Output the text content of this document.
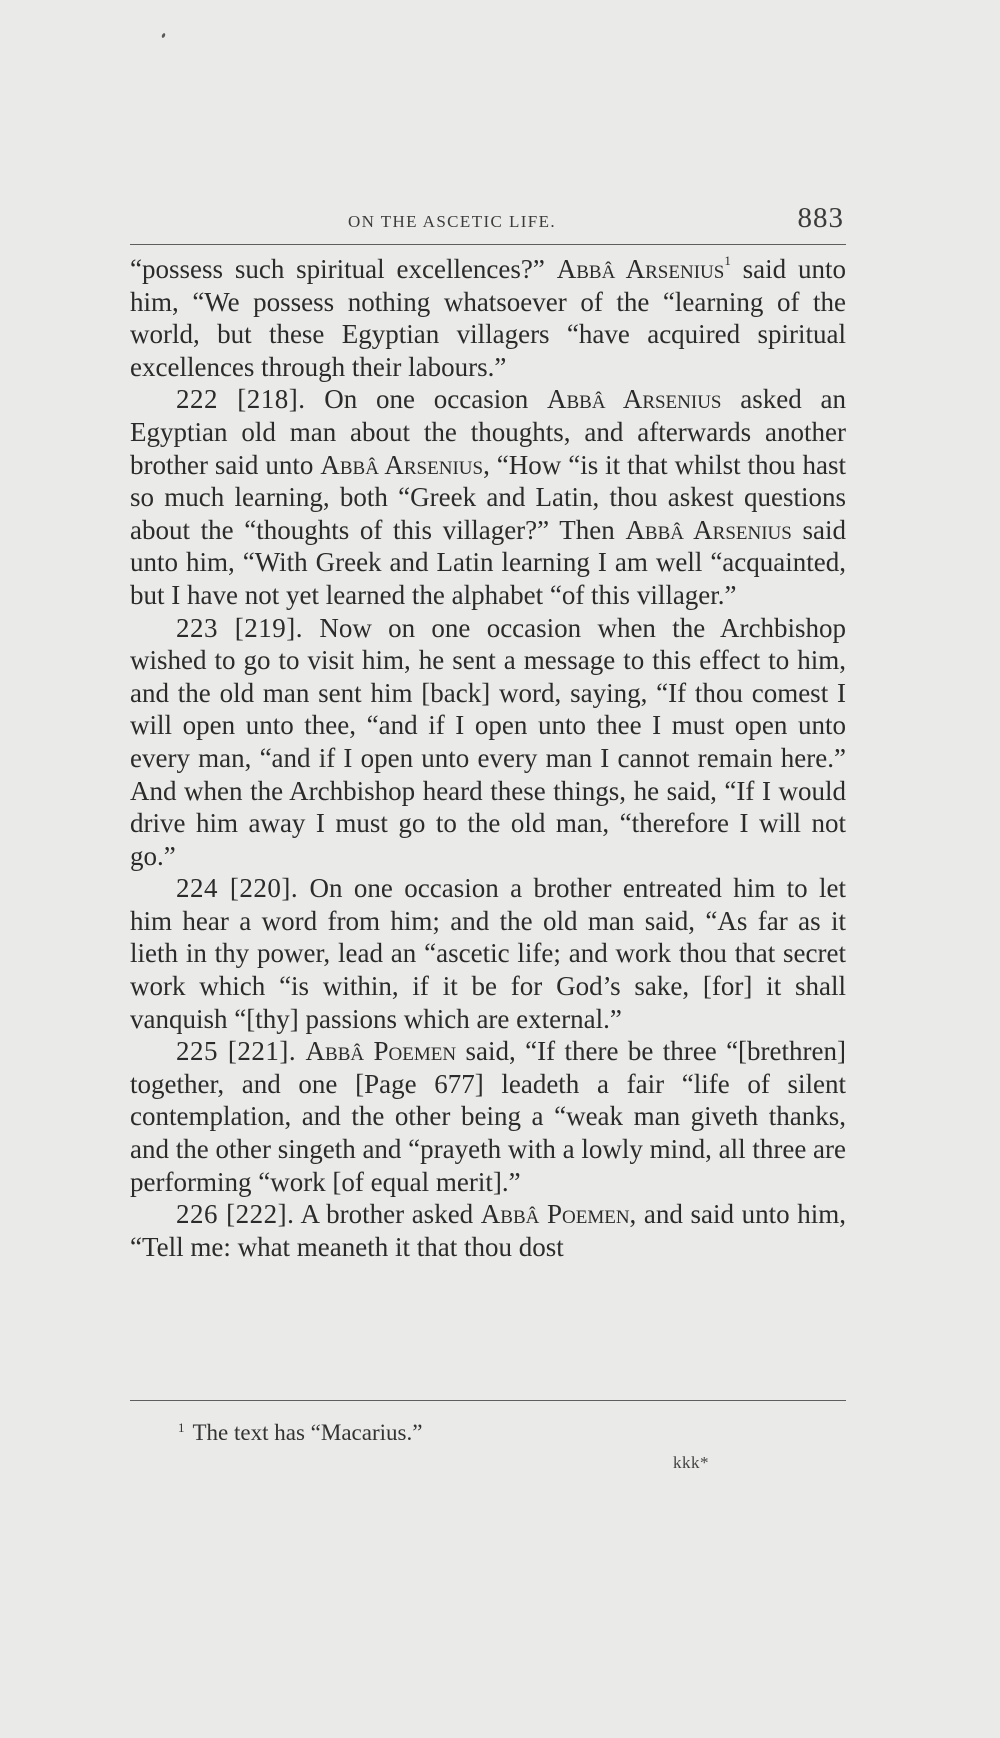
ON THE ASCETIC LIFE.	883

“possess such spiritual excellences?” Abbâ Arsenius$^1$ said unto him, “We possess nothing whatsoever of the “learning of the world, but these Egyptian villagers “have acquired spiritual excellences through their labours.”

222 [218]. On one occasion Abbâ Arsenius asked an Egyptian old man about the thoughts, and afterwards another brother said unto Abbâ Arsenius, “How “is it that whilst thou hast so much learning, both “Greek and Latin, thou askest questions about the “thoughts of this villager?” Then Abbâ Arsenius said unto him, “With Greek and Latin learning I am well “acquainted, but I have not yet learned the alphabet “of this villager.”

223 [219]. Now on one occasion when the Archbishop wished to go to visit him, he sent a message to this effect to him, and the old man sent him [back] word, saying, “If thou comest I will open unto thee, “and if I open unto thee I must open unto every man, “and if I open unto every man I cannot remain here.” And when the Archbishop heard these things, he said, “If I would drive him away I must go to the old man, “therefore I will not go.”

224 [220]. On one occasion a brother entreated him to let him hear a word from him; and the old man said, “As far as it lieth in thy power, lead an “ascetic life; and work thou that secret work which “is within, if it be for God’s sake, [for] it shall vanquish “[thy] passions which are external.”

225 [221]. Abbâ Poemen said, “If there be three “[brethren] together, and one [Page 677] leadeth a fair “life of silent contemplation, and the other being a “weak man giveth thanks, and the other singeth and “prayeth with a lowly mind, all three are performing “work [of equal merit].”

226 [222]. A brother asked Abbâ Poemen, and said unto him, “Tell me: what meaneth it that thou dost

$^1$ The text has “Macarius.”
kkk*
